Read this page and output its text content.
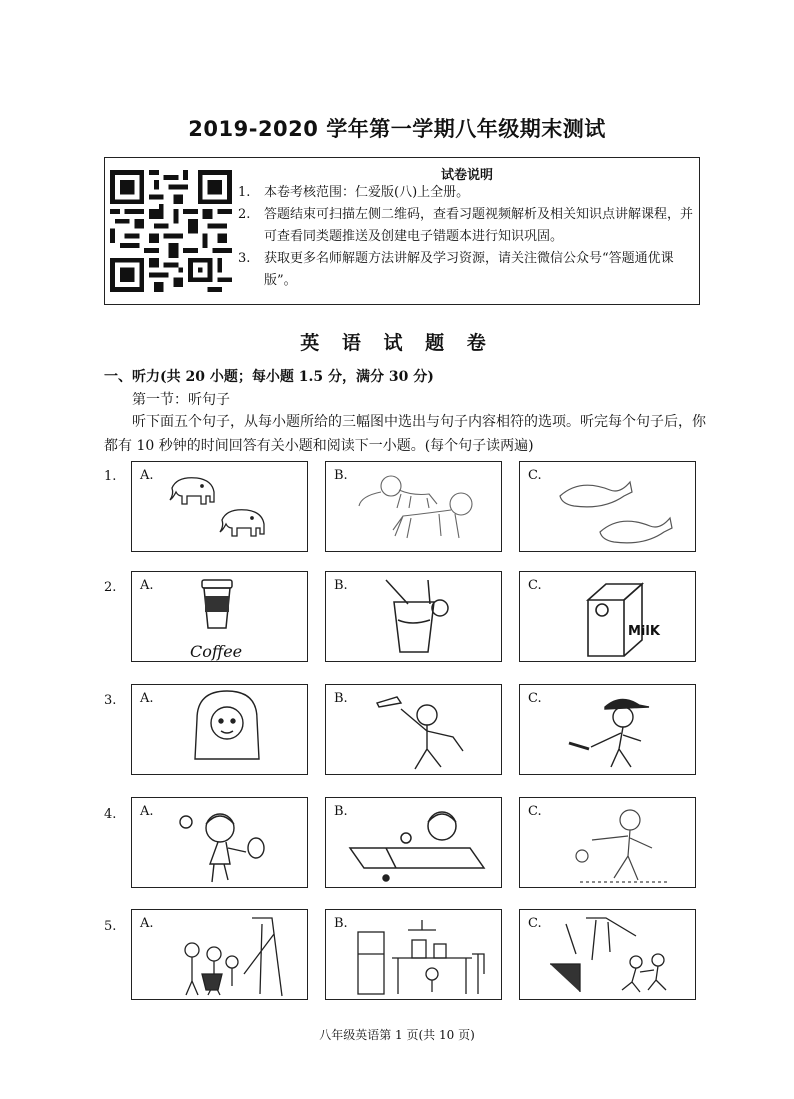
2019-2020 学年第一学期八年级期末测试
试卷说明
1. 本卷考核范围：仁爱版(八)上全册。
2. 答题结束可扫描左侧二维码，查看习题视频解析及相关知识点讲解课程，并可查看同类题推送及创建电子错题本进行知识巩固。
3. 获取更多名师解题方法讲解及学习资源，请关注微信公众号“答题通优课版”。
英 语 试 题 卷
一、听力(共 20 小题；每小题 1.5 分，满分 30 分)
第一节：听句子
听下面五个句子，从每小题所给的三幅图中选出与句子内容相符的选项。听完每个句子后，你都有 10 秒钟的时间回答有关小题和阅读下一小题。(每个句子读两遍)
1. A.	B.	C.
2. A.
Coffee
B.	C.
MilK
3. A.	B.	C.
4. A.	B.	C.
5. A.	B.	C.
八年级英语第 1 页(共 10 页)
